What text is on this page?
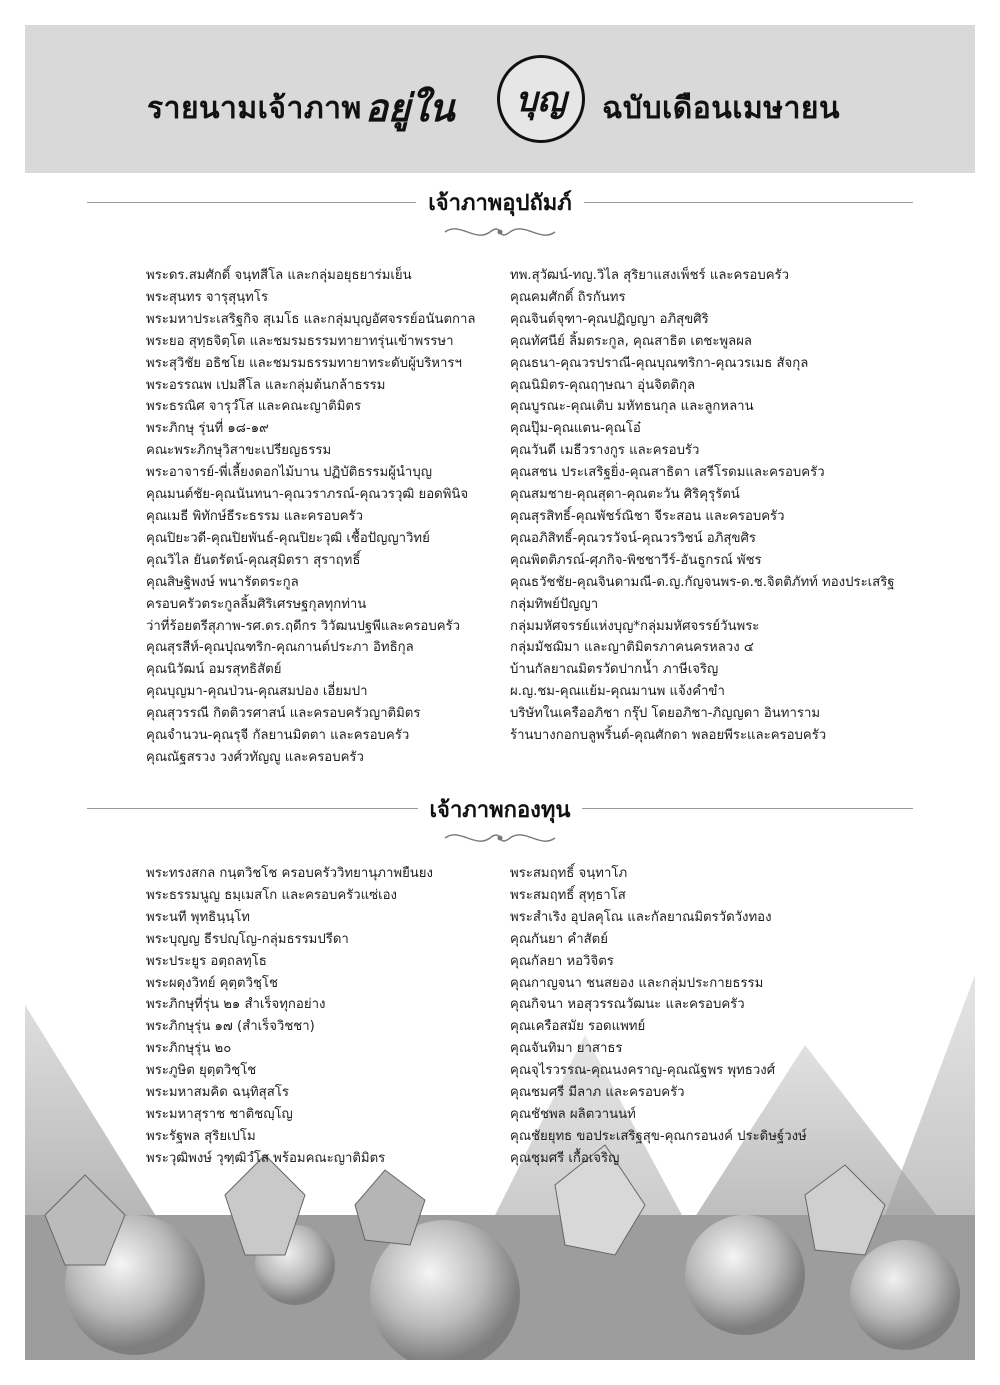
รายนามเจ้าภาพ อยู่ใน บุญ ฉบับเดือนเมษายน
เจ้าภาพอุปถัมภ์
พระดร.สมศักดิ์ จนฺทสีโล และกลุ่มอยุธยาร่มเย็น
พระสุนทร จารุสุนฺทโร
พระมหาประเสริฐกิจ สุเมโธ และกลุ่มบุญอัศจรรย์อนันตกาล
พระยอ สุทฺธจิตฺโต และชมรมธรรมทายาทรุ่นเข้าพรรษา
พระสุวิชัย อธิชโย และชมรมธรรมทายาทระดับผู้บริหารฯ
พระอรรณพ เปมสีโล และกลุ่มต้นกล้าธรรม
พระธรณิศ จารุวํโส และคณะญาติมิตร
พระภิกษุ รุ่นที่ ๑๘-๑๙
คณะพระภิกษุวิสาขะเปรียญธรรม
พระอาจารย์-พี่เลี้ยงดอกไม้บาน ปฏิบัติธรรมผู้นำบุญ
คุณมนต์ชัย-คุณนันทนา-คุณวราภรณ์-คุณวรวุฒิ ยอดพินิจ
คุณเมธี พิทักษ์ธีระธรรม และครอบครัว
คุณปิยะวดี-คุณปิยพันธ์-คุณปิยะวุฒิ เชื้อปัญญาวิทย์
คุณวิไล ยันตรัตน์-คุณสุมิตรา สุราฤทธิ์
คุณสิษฐิพงษ์ พนารัตตระกูล
ครอบครัวตระกูลลิ้มศิริเศรษฐกุลทุกท่าน
ว่าที่ร้อยตรีสุภาพ-รศ.ดร.ฤดีกร วิวัฒนปฐพีและครอบครัว
คุณสุรสีห์-คุณปุณฑริก-คุณกานต์ประภา อิทธิกุล
คุณนิวัฒน์ อมรสุทธิสัตย์
คุณบุญมา-คุณป่วน-คุณสมปอง เอี่ยมปา
คุณสุวรรณี กิตติวรศาสน์ และครอบครัวญาติมิตร
คุณจำนวน-คุณรุจี กัลยานมิตตา และครอบครัว
คุณณัฐสรวง วงศ์วทัญญู และครอบครัว
ทพ.สุวัฒน์-ทญ.วิไล สุริยาแสงเพ็ชร์ และครอบครัว
คุณคมศักดิ์ ถิรกันทร
คุณจินต์จุฑา-คุณปฏิญญา อภิสุขศิริ
คุณทัศนีย์ ลิ้มตระกูล, คุณสาธิต เตชะพูลผล
คุณธนา-คุณวรปราณี-คุณบุณฑริกา-คุณวรเมธ สัจกุล
คุณนิมิตร-คุณฤๅษณา อุ่นจิตติกุล
คุณบูรณะ-คุณเติบ มหัทธนกุล และลูกหลาน
คุณปุ๊ม-คุณแตน-คุณโอ๋
คุณวันดี เมธีวรางกูร และครอบรัว
คุณสชน ประเสริฐยิ่ง-คุณสาธิตา เสรีโรดมและครอบครัว
คุณสมชาย-คุณสุดา-คุณตะวัน ศิริคุรุรัตน์
คุณสุรสิทธิ์-คุณพัชร์ณิชา จีระสอน และครอบครัว
คุณอภิสิทธิ์-คุณวรวัจน์-คุณวรวิชน์ อภิสุขศิร
คุณพิตติภรณ์-ศุภกิจ-พิชชาวีร์-อันธูกรณ์ พัชร
คุณธวัชชัย-คุณจินดามณี-ด.ญ.กัญจนพร-ด.ช.จิตติภัทท์ ทองประเสริฐ
กลุ่มทิพย์ปัญญา
กลุ่มมหัศจรรย์แห่งบุญ*กลุ่มมหัศจรรย์วันพระ
กลุ่มมัชฌิมา และญาติมิตรภาคนครหลวง ๔
บ้านกัลยาณมิตรวัดปากน้ำ ภาษีเจริญ
ผ.ญ.ชม-คุณแย้ม-คุณมานพ แจ้งคำขำ
บริษัทในเครืออภิชา กรุ๊ป โดยอภิชา-ภิญญดา อินทาราม
ร้านบางกอกบลูพริ้นต์-คุณศักดา พลอยพีระและครอบครัว
เจ้าภาพกองทุน
พระทรงสกล กนฺตวิชโช ครอบครัววิทยานุภาพยืนยง
พระธรรมนูญ ธมฺเมสโก และครอบครัวแซ่เอง
พระนที พุทธินฺนฺโท
พระบุญญ ธีรปญฺโญ-กลุ่มธรรมปรีดา
พระประยูร อตฺถลทฺโธ
พระผดุงวิทย์ คุตฺตวิชฺโช
พระภิกษุที่รุ่น ๒๑ สำเร็จทุกอย่าง
พระภิกษุรุ่น ๑๗ (สำเร็จวิชชา)
พระภิกษุรุ่น ๒๐
พระภูษิต ยุตฺตวิชฺโช
พระมหาสมคิด ฉนฺทิสุสโร
พระมหาสุราช ชาติชญฺโญ
พระรัฐพล สุริยเปโม
พระวุฒิพงษ์ วุฑฺฒิวํโส พร้อมคณะญาติมิตร
พระสมฤทธิ์ จนฺทาโภ
พระสมฤทธิ์ สุทฺธาโส
พระสำเริง อุปลคุโณ และกัลยาณมิตรวัดวังทอง
คุณกันยา คำสัตย์
คุณกัลยา หอวิจิตร
คุณกาญจนา ชนสยอง และกลุ่มประกายธรรม
คุณกิจนา หอสุวรรณวัฒนะ และครอบครัว
คุณเครือสมัย รอดแพทย์
คุณจันทิมา ยาสาธร
คุณจุไรวรรณ-คุณนงคราญ-คุณณัฐพร พุทธวงศ์
คุณชมศรี มีลาภ และครอบครัว
คุณชัชพล ผลิตวานนท์
คุณชัยยุทธ ขอประเสริฐสุข-คุณกรอนงค์ ประดิษฐ์วงษ์
คุณชุมศรี เกื้อเจริญ
